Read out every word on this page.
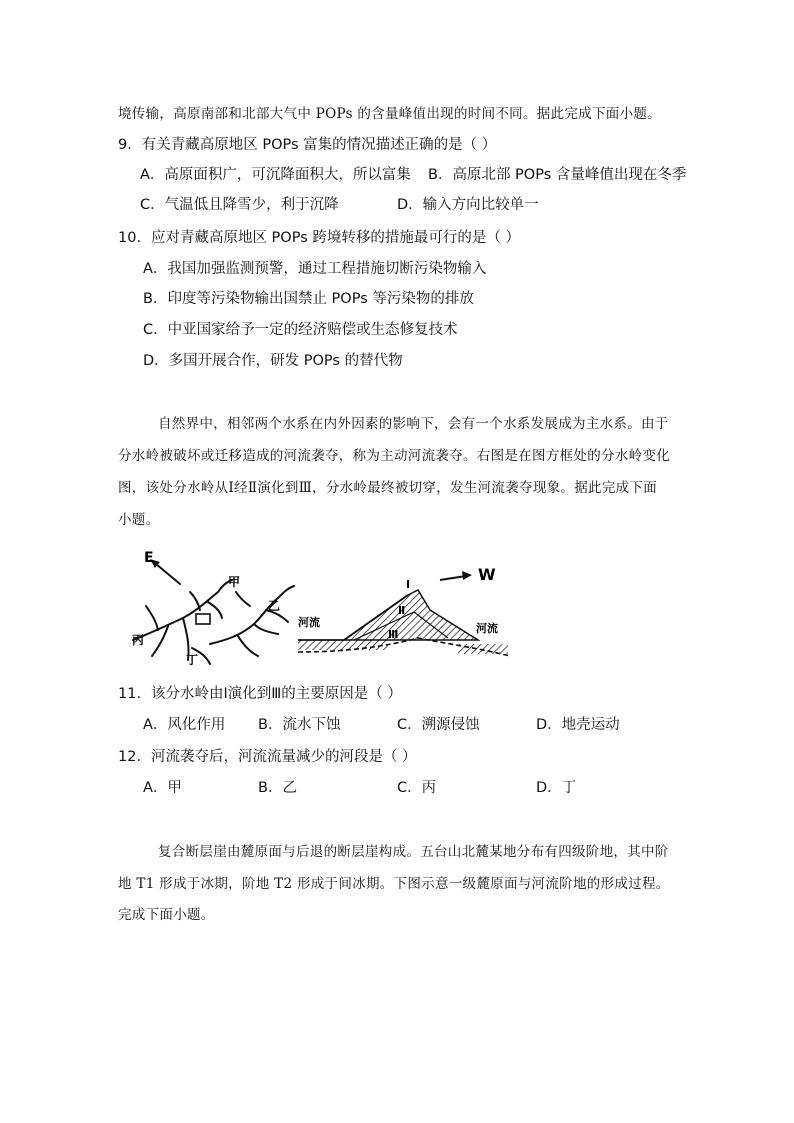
境传输，高原南部和北部大气中 POPs 的含量峰值出现的时间不同。据此完成下面小题。
9．有关青藏高原地区 POPs 富集的情况描述正确的是（ ）
A．高原面积广，可沉降面积大，所以富集 B．高原北部 POPs 含量峰值出现在冬季
C．气温低且降雪少，利于沉降	D．输入方向比较单一
10．应对青藏高原地区 POPs 跨境转移的措施最可行的是（ ）
A．我国加强监测预警，通过工程措施切断污染物输入
B．印度等污染物输出国禁止 POPs 等污染物的排放
C．中亚国家给予一定的经济赔偿或生态修复技术
D．多国开展合作，研发 POPs 的替代物
自然界中，相邻两个水系在内外因素的影响下，会有一个水系发展成为主水系。由于
分水岭被破坏或迁移造成的河流袭夺，称为主动河流袭夺。右图是在图方框处的分水岭变化
图，该处分水岭从Ⅰ经Ⅱ演化到Ⅲ，分水岭最终被切穿，发生河流袭夺现象。据此完成下面
小题。
E
甲
乙
丙
丁
W
河流	河流
Ⅰ
Ⅱ
Ⅲ
11．该分水岭由Ⅰ演化到Ⅲ的主要原因是（ ）
A．风化作用 B．流水下蚀	C．溯源侵蚀	D．地壳运动
12．河流袭夺后，河流流量减少的河段是（ ）
A．甲	B．乙	C．丙	D．丁
复合断层崖由麓原面与后退的断层崖构成。五台山北麓某地分布有四级阶地，其中阶
地 T1 形成于冰期，阶地 T2 形成于间冰期。下图示意一级麓原面与河流阶地的形成过程。
完成下面小题。
